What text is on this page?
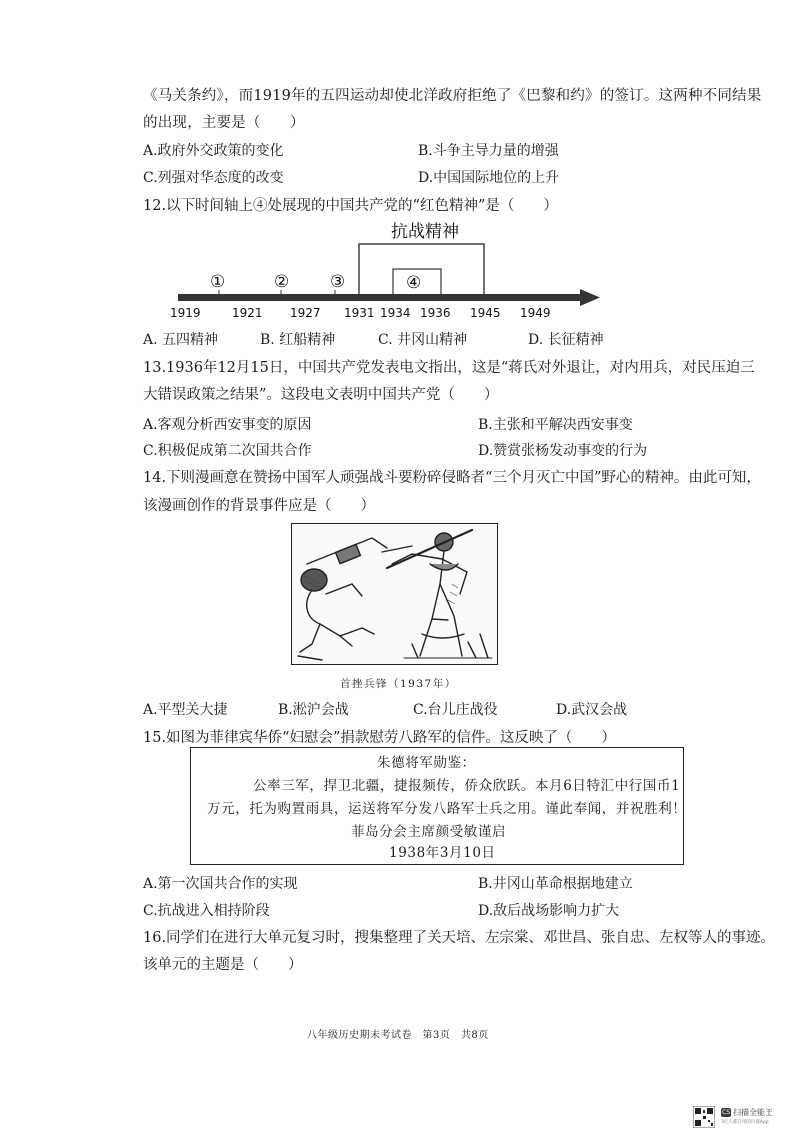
《马关条约》，而1919年的五四运动却使北洋政府拒绝了《巴黎和约》的签订。这两种不同结果
的出现，主要是（　　）
A.政府外交政策的变化	B.斗争主导力量的增强
C.列强对华态度的改变	D.中国国际地位的上升
12.以下时间轴上④处展现的中国共产党的“红色精神”是（　　）
抗战精神
①	② ③	④
1919	1921 1927 1931 1934 1936 1945 1949
A. 五四精神	B. 红船精神	C. 井冈山精神	D. 长征精神
13.1936年12月15日，中国共产党发表电文指出，这是“蒋氏对外退让，对内用兵，对民压迫三
大错误政策之结果”。这段电文表明中国共产党（　　）
A.客观分析西安事变的原因	B.主张和平解决西安事变
C.积极促成第二次国共合作	D.赞赏张杨发动事变的行为
14.下则漫画意在赞扬中国军人顽强战斗要粉碎侵略者“三个月灭亡中国”野心的精神。由此可知，
该漫画创作的背景事件应是（　　）
首挫兵锋（1937年）
A.平型关大捷	B.淞沪会战	C.台儿庄战役	D.武汉会战
15.如图为菲律宾华侨“妇慰会”捐款慰劳八路军的信件。这反映了（　　）
朱德将军勋鉴：
公率三军，捍卫北疆，捷报频传，侨众欣跃。本月6日特汇中行国币1
万元，托为购置雨具，运送将军分发八路军士兵之用。谨此奉闻，并祝胜利！
菲岛分会主席颜受敏谨启
1938年3月10日
A.第一次国共合作的实现	B.井冈山革命根据地建立
C.抗战进入相持阶段	D.敌后战场影响力扩大
16.同学们在进行大单元复习时，搜集整理了关天培、左宗棠、邓世昌、张自忠、左权等人的事迹。
该单元的主题是（　　）
八年级历史期末考试卷　第3页　共8页
CS 扫描全能王
3亿人都在用的扫描App
